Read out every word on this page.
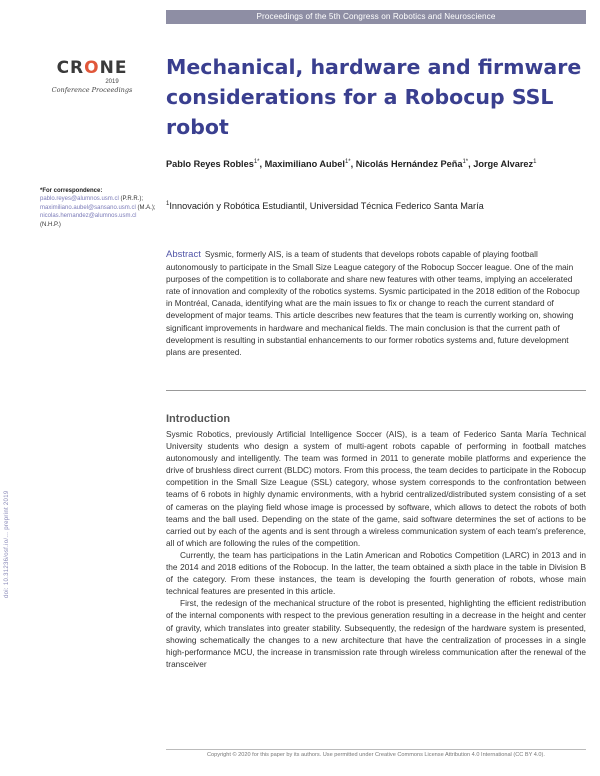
Proceedings of the 5th Congress on Robotics and Neuroscience
CRONE
2019
Conference Proceedings
Mechanical, hardware and firmware considerations for a Robocup SSL robot
Pablo Reyes Robles$^{1*}$, Maximiliano Aubel$^{1*}$, Nicolás Hernández Peña$^{1*}$, Jorge Alvarez$^1$
$^1$Innovación y Robótica Estudiantil, Universidad Técnica Federico Santa María
*For correspondence:
pablo.reyes@alumnos.usm.cl (P.R.R.); maximiliano.aubel@sansano.usm.cl (M.A.); nicolas.hernandez@alumnos.usm.cl (N.H.P.)
doi: 10.31236/osf.io/... preprint 2019
Abstract Sysmic, formerly AIS, is a team of students that develops robots capable of playing football autonomously to participate in the Small Size League category of the Robocup Soccer league. One of the main purposes of the competition is to collaborate and share new features with other teams, implying an accelerated rate of innovation and complexity of the robotics systems. Sysmic participated in the 2018 edition of the Robocup in Montréal, Canada, identifying what are the main issues to fix or change to reach the current standard of development of major teams. This article describes new features that the team is currently working on, showing significant improvements in hardware and mechanical fields. The main conclusion is that the current path of development is resulting in substantial enhancements to our former robotics systems and, future development plans are presented.
Introduction

Sysmic Robotics, previously Artificial Intelligence Soccer (AIS), is a team of Federico Santa María Technical University students who design a system of multi-agent robots capable of performing in football matches autonomously and intelligently. The team was formed in 2011 to generate mobile platforms and experience the drive of brushless direct current (BLDC) motors. From this process, the team decides to participate in the Robocup competition in the Small Size League (SSL) category, whose system corresponds to the confrontation between teams of 6 robots in highly dynamic environments, with a hybrid centralized/distributed system consisting of a set of cameras on the playing field whose image is processed by software, which allows to detect the robots of both teams and the ball used. Depending on the state of the game, said software determines the set of actions to be carried out by each of the agents and is sent through a wireless communication system of each team's preference, all of which are following the rules of the competition.

Currently, the team has participations in the Latin American and Robotics Competition (LARC) in 2013 and in the 2014 and 2018 editions of the Robocup. In the latter, the team obtained a sixth place in the table in Division B of the category. From these instances, the team is developing the fourth generation of robots, whose main technical features are presented in this article.

First, the redesign of the mechanical structure of the robot is presented, highlighting the efficient redistribution of the internal components with respect to the previous generation resulting in a decrease in the height and center of gravity, which translates into greater stability. Subsequently, the redesign of the hardware system is presented, showing schematically the changes to a new architecture that have the centralization of processes in a single high-performance MCU, the increase in transmission rate through wireless communication after the renewal of the transceiver

Copyright © 2020 for this paper by its authors. Use permitted under Creative Commons License Attribution 4.0 International (CC BY 4.0).
